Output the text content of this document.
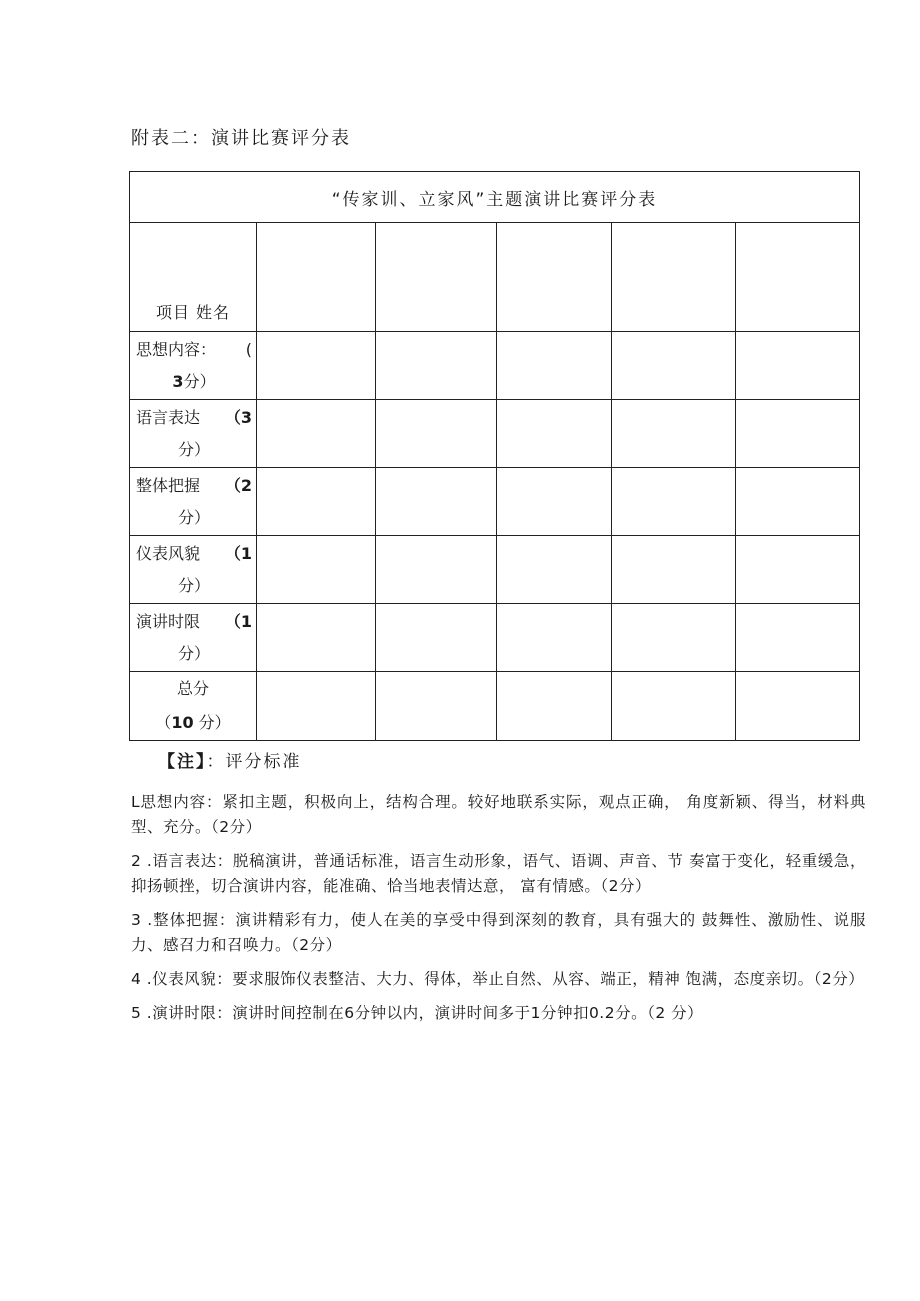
附表二：演讲比赛评分表
“传家训、立家风”主题演讲比赛评分表					
项目 姓名					

思想内容： (
3分）					

语言表达 （3
分）					

整体把握 （2
分）					

仪表风貌 （1
分）					

演讲时限 （1
分）					

总分
（10 分）					

【注】：评分标准

L思想内容：紧扣主题，积极向上，结构合理。较好地联系实际，观点正确， 角度新颖、得当，材料典型、充分。（2分）

2 .语言表达：脱稿演讲，普通话标准，语言生动形象，语气、语调、声音、节 奏富于变化，轻重缓急，抑扬顿挫，切合演讲内容，能准确、恰当地表情达意， 富有情感。（2分）

3 .整体把握：演讲精彩有力，使人在美的享受中得到深刻的教育，具有强大的 鼓舞性、激励性、说服力、感召力和召唤力。（2分）

4 .仪表风貌：要求服饰仪表整洁、大力、得体，举止自然、从容、端正，精神 饱满，态度亲切。（2分）

5 .演讲时限：演讲时间控制在6分钟以内，演讲时间多于1分钟扣0.2分。（2 分）
